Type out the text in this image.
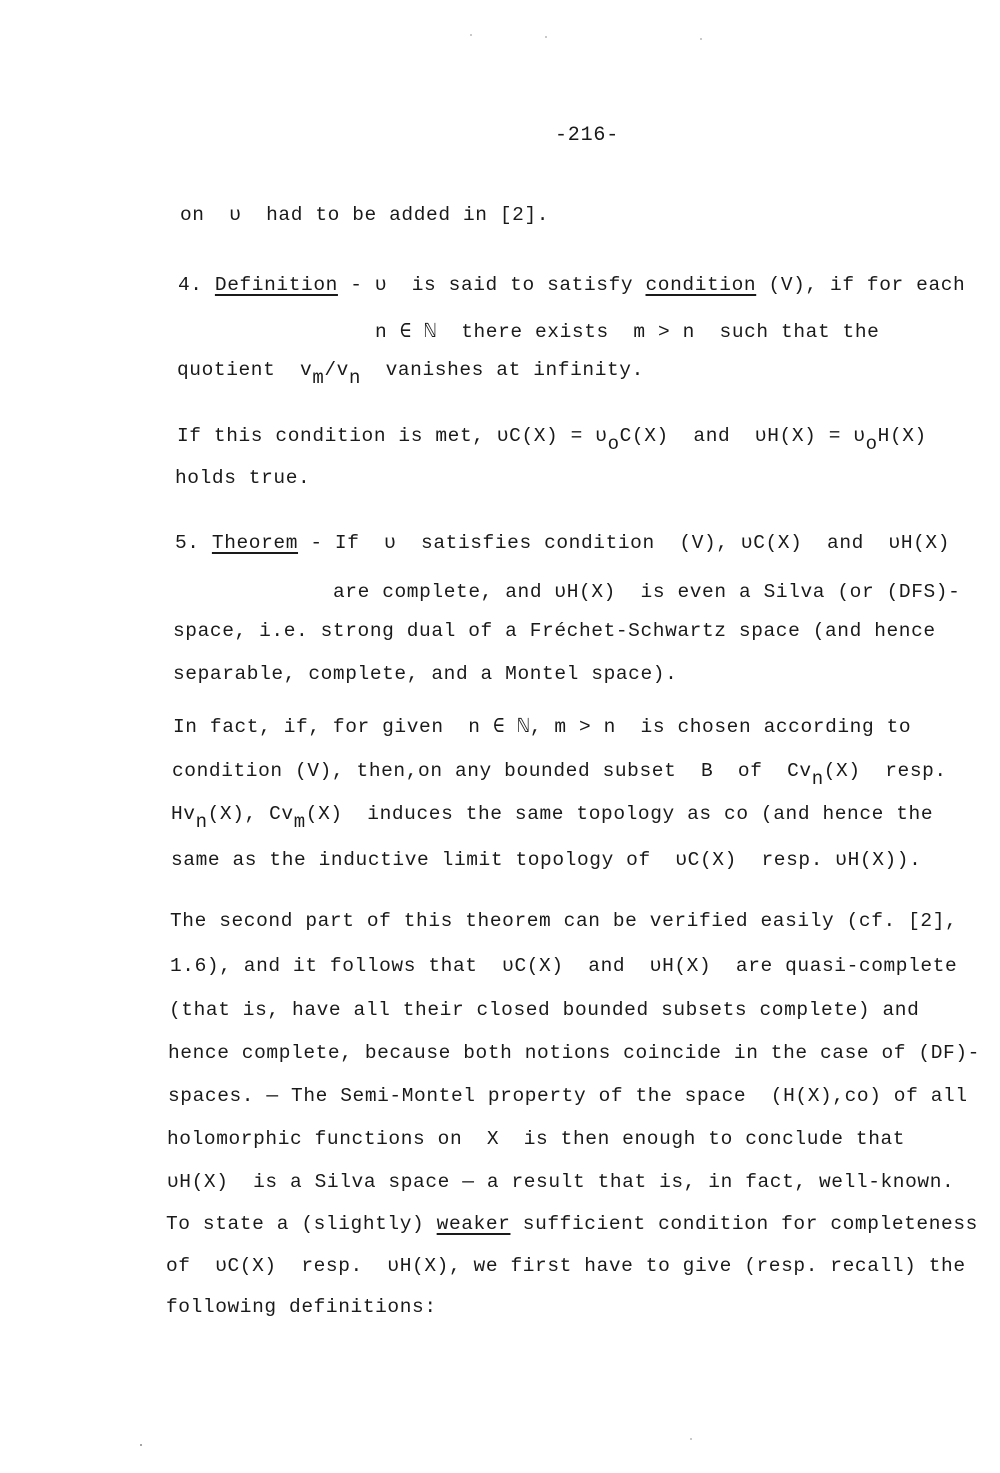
-216-
on  υ  had to be added in [2].
4. Definition - υ  is said to satisfy condition (V), if for each
n ∈ ℕ  there exists  m > n  such that the
quotient  vm/vn  vanishes at infinity.
If this condition is met, υC(X) = υoC(X)  and  υH(X) = υoH(X)
holds true.
5. Theorem - If  υ  satisfies condition  (V), υC(X)  and  υH(X)
are complete, and υH(X)  is even a Silva (or (DFS)-
space, i.e. strong dual of a Fréchet-Schwartz space (and hence
separable, complete, and a Montel space).
In fact, if, for given  n ∈ ℕ, m > n  is chosen according to
condition (V), then,on any bounded subset  B  of  Cvn(X)  resp.
Hvn(X), Cvm(X)  induces the same topology as co (and hence the
same as the inductive limit topology of  υC(X)  resp. υH(X)).
The second part of this theorem can be verified easily (cf. [2],
1.6), and it follows that  υC(X)  and  υH(X)  are quasi-complete
(that is, have all their closed bounded subsets complete) and
hence complete, because both notions coincide in the case of (DF)-
spaces. — The Semi-Montel property of the space  (H(X),co) of all
holomorphic functions on  X  is then enough to conclude that
υH(X)  is a Silva space — a result that is, in fact, well-known.
To state a (slightly) weaker sufficient condition for completeness
of  υC(X)  resp.  υH(X), we first have to give (resp. recall) the
following definitions:
